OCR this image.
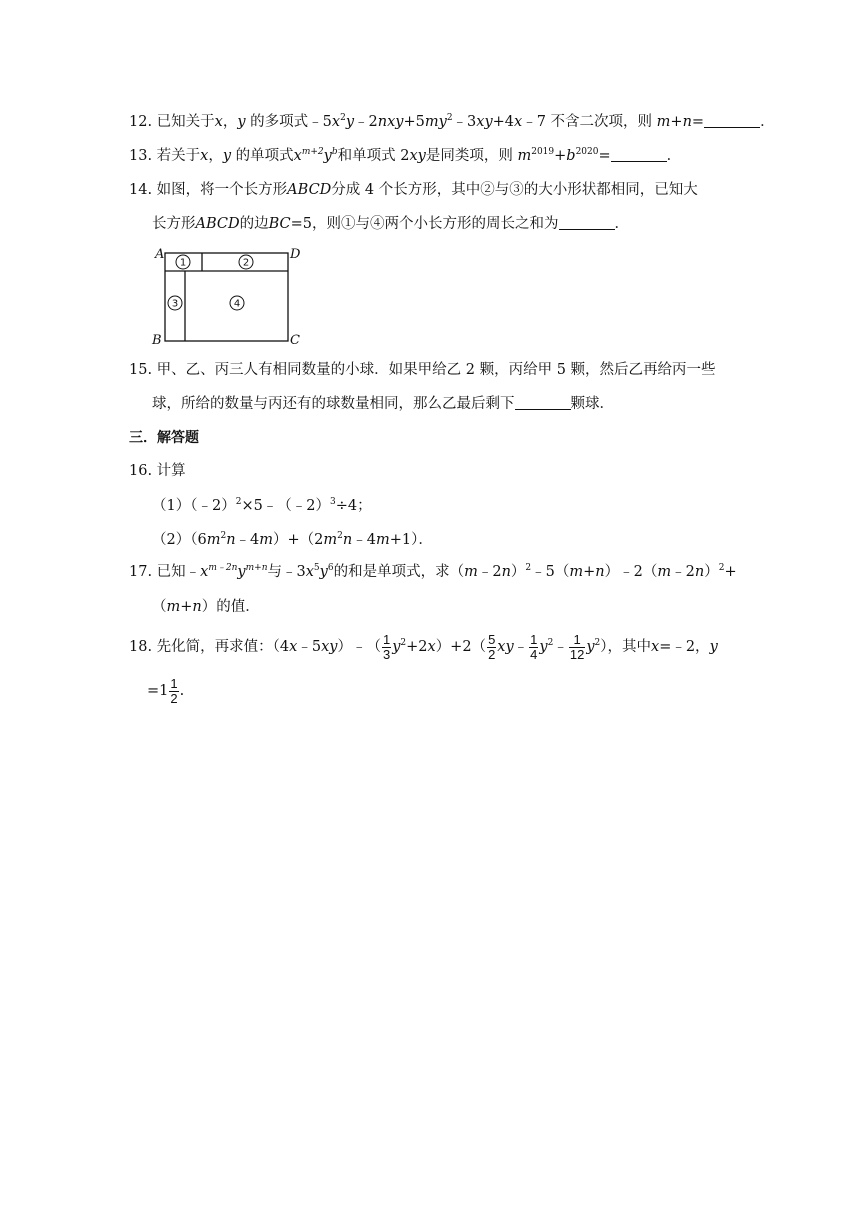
12. 已知关于x，y 的多项式$﹣5x^2y﹣2nxy+5my^2﹣3xy+4x﹣7$ 不含二次项，则 m+n=	．
13. 若关于x，y 的单项式$x^{m+2}y^b$和单项式 2xy是同类项，则 $m^{2019}+b^{2020}=$	．
14. 如图，将一个长方形ABCD分成 4 个长方形，其中②与③的大小形状都相同，已知大
长方形ABCD的边BC=5，则①与④两个小长方形的周长之和为	．
A	D
B	C
1	2
3	4
15. 甲、乙、丙三人有相同数量的小球．如果甲给乙 2 颗，丙给甲 5 颗，然后乙再给丙一些
球，所给的数量与丙还有的球数量相同，那么乙最后剩下	颗球．
三．解答题
16. 计算
（1）（﹣2）$^2$×5﹣（﹣2）$^3$÷4；
$(2)(6m^2n﹣4m)+(2m^2n﹣4m+1)$．
17. 已知$﹣x^{m﹣2n}y^{m+n}$与$﹣3x^5y^6$的和是单项式，求（m﹣2n）$^2$﹣5（m+n）﹣2（m﹣2n）$^2$+
（m+n）的值．
18. 先化简，再求值：（4x﹣5xy）﹣（ $\frac{1}{3} y^2+2x)+2( \frac{5}{2}$ xy﹣ $\frac{1}{4}$ $y^2﹣ \frac{1}{12} y^2$），其中x=﹣2，y
$=1 \frac{1}{2}$ .
